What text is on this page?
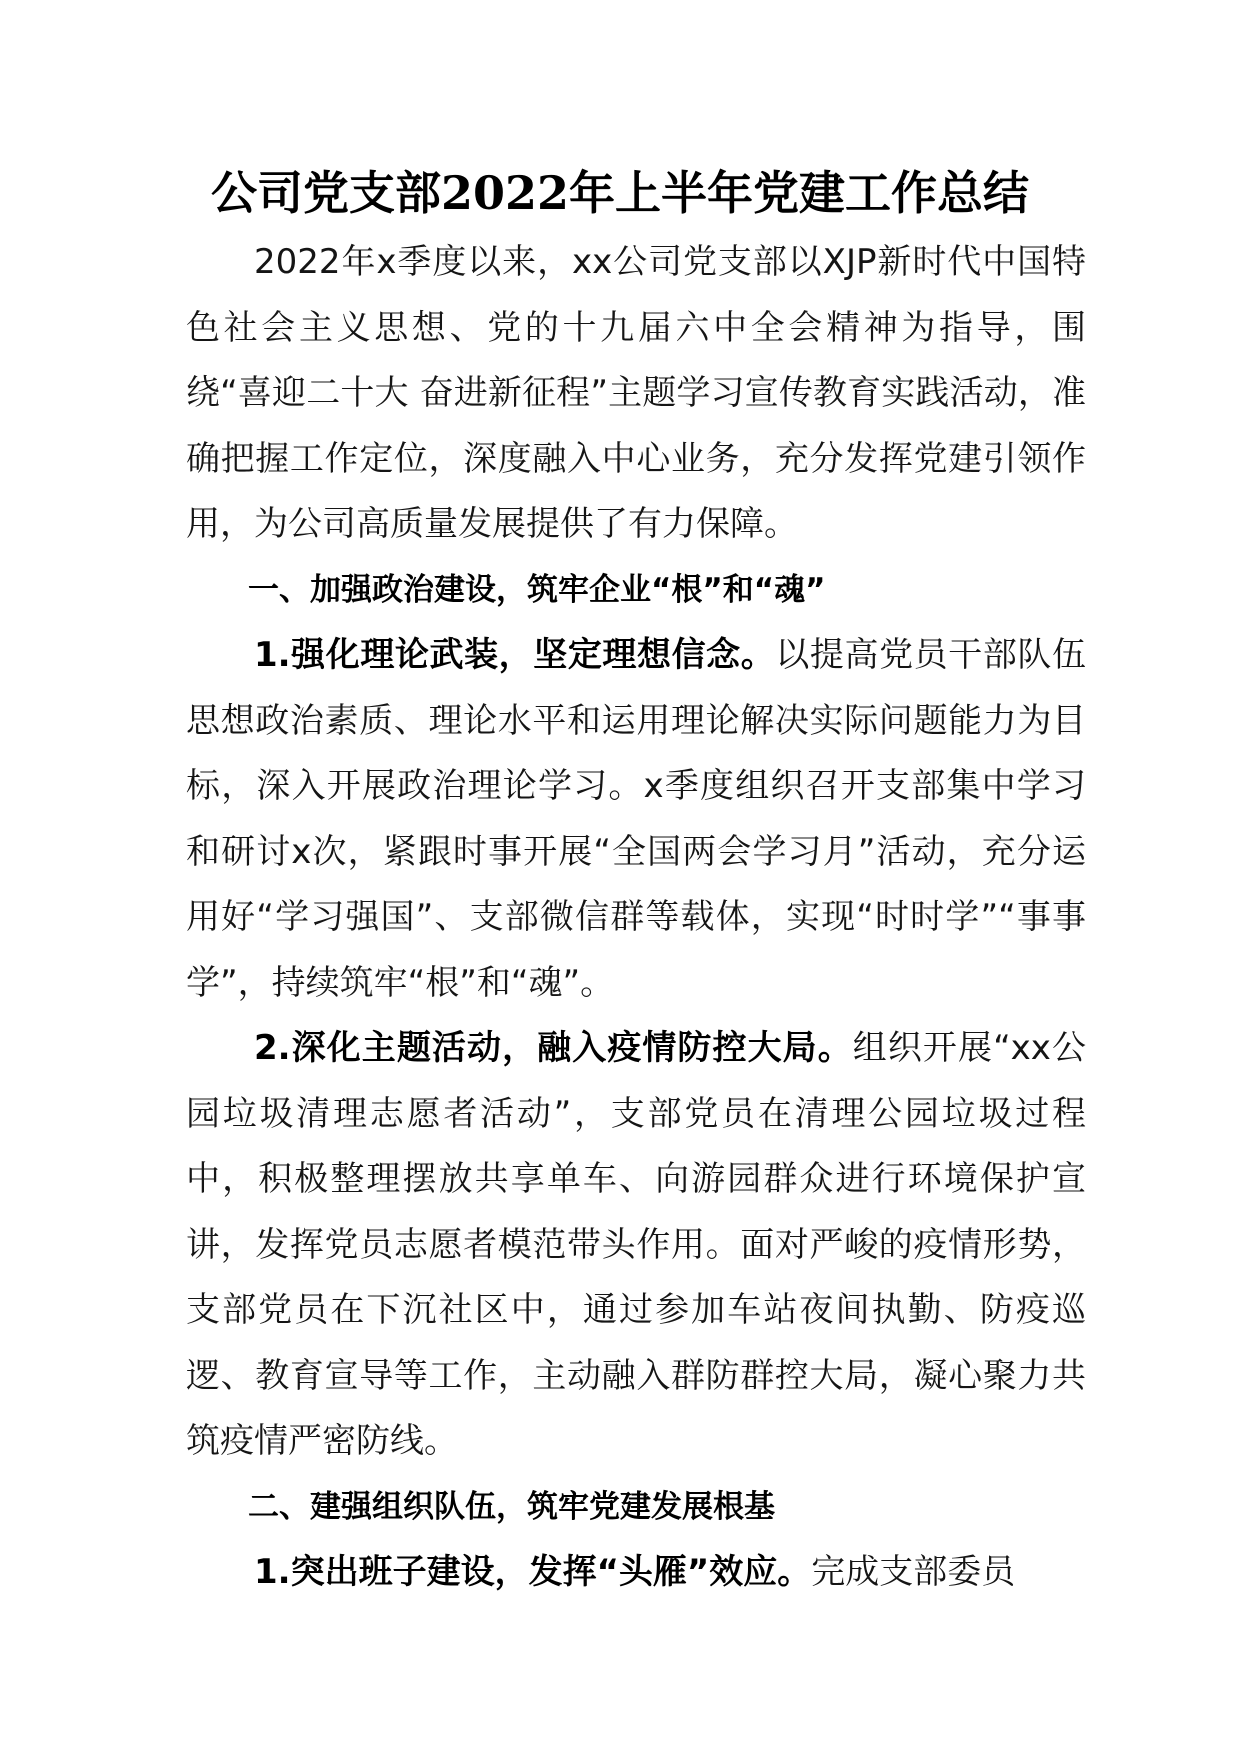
公司党支部2022年上半年党建工作总结

2022年x季度以来，xx公司党支部以XJP新时代中国特色社会主义思想、党的十九届六中全会精神为指导，围绕“喜迎二十大 奋进新征程”主题学习宣传教育实践活动，准确把握工作定位，深度融入中心业务，充分发挥党建引领作用，为公司高质量发展提供了有力保障。

一、加强政治建设，筑牢企业“根”和“魂”

1.强化理论武装，坚定理想信念。以提高党员干部队伍思想政治素质、理论水平和运用理论解决实际问题能力为目标，深入开展政治理论学习。x季度组织召开支部集中学习和研讨x次，紧跟时事开展“全国两会学习月”活动，充分运用好“学习强国”、支部微信群等载体，实现“时时学”“事事学”，持续筑牢“根”和“魂”。

2.深化主题活动，融入疫情防控大局。组织开展“xx公园垃圾清理志愿者活动”，支部党员在清理公园垃圾过程中，积极整理摆放共享单车、向游园群众进行环境保护宣讲，发挥党员志愿者模范带头作用。面对严峻的疫情形势，支部党员在下沉社区中，通过参加车站夜间执勤、防疫巡逻、教育宣导等工作，主动融入群防群控大局，凝心聚力共筑疫情严密防线。

二、建强组织队伍，筑牢党建发展根基

1.突出班子建设，发挥“头雁”效应。完成支部委员
